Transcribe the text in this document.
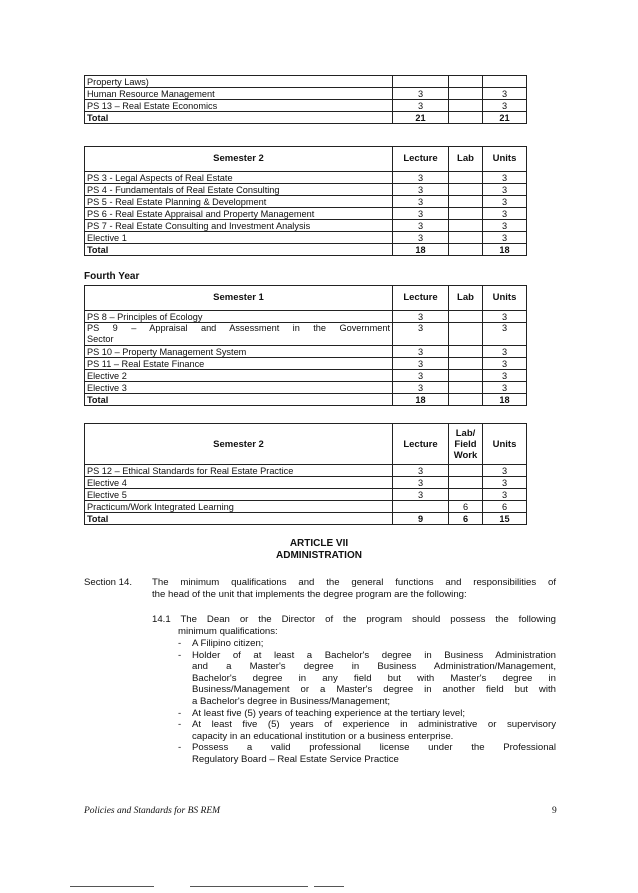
Property Laws)			
Human Resource Management	3		3
PS 13 – Real Estate Economics	3		3
Total	21		21
Semester 2	Lecture	Lab	Units
PS 3 - Legal Aspects of Real Estate	3		3
PS 4 - Fundamentals of Real Estate Consulting	3		3
PS 5 - Real Estate Planning & Development	3		3
PS 6 - Real Estate Appraisal and Property Management	3		3
PS 7 - Real Estate Consulting and Investment Analysis	3		3
Elective 1	3		3
Total	18		18
Fourth Year
Semester 1	Lecture	Lab	Units
PS 8 – Principles of Ecology	3		3

PS 9 – Appraisal and Assessment in the Government
Sector	3		3
PS 10 – Property Management System	3		3
PS 11 – Real Estate Finance	3		3
Elective 2	3		3
Elective 3	3		3
Total	18		18
Semester 2	Lecture	Lab/
Field
Work	Units
PS 12 – Ethical Standards for Real Estate Practice	3		3
Elective 4	3		3
Elective 5	3		3
Practicum/Work Integrated Learning		6	6
Total	9	6	15
ARTICLE VII
ADMINISTRATION
Section 14. The minimum qualifications and the general functions and responsibilities of
the head of the unit that implements the degree program are the following:
14.1 The Dean or the Director of the program should possess the following
minimum qualifications:
- A Filipino citizen;
- Holder of at least a Bachelor's degree in Business Administration
and a Master's degree in Business Administration/Management,
Bachelor's degree in any field but with Master's degree in
Business/Management or a Master's degree in another field but with
a Bachelor's degree in Business/Management;
- At least five (5) years of teaching experience at the tertiary level;
- At least five (5) years of experience in administrative or supervisory
capacity in an educational institution or a business enterprise.
- Possess a valid professional license under the Professional
Regulatory Board – Real Estate Service Practice
Policies and Standards for BS REM	9
